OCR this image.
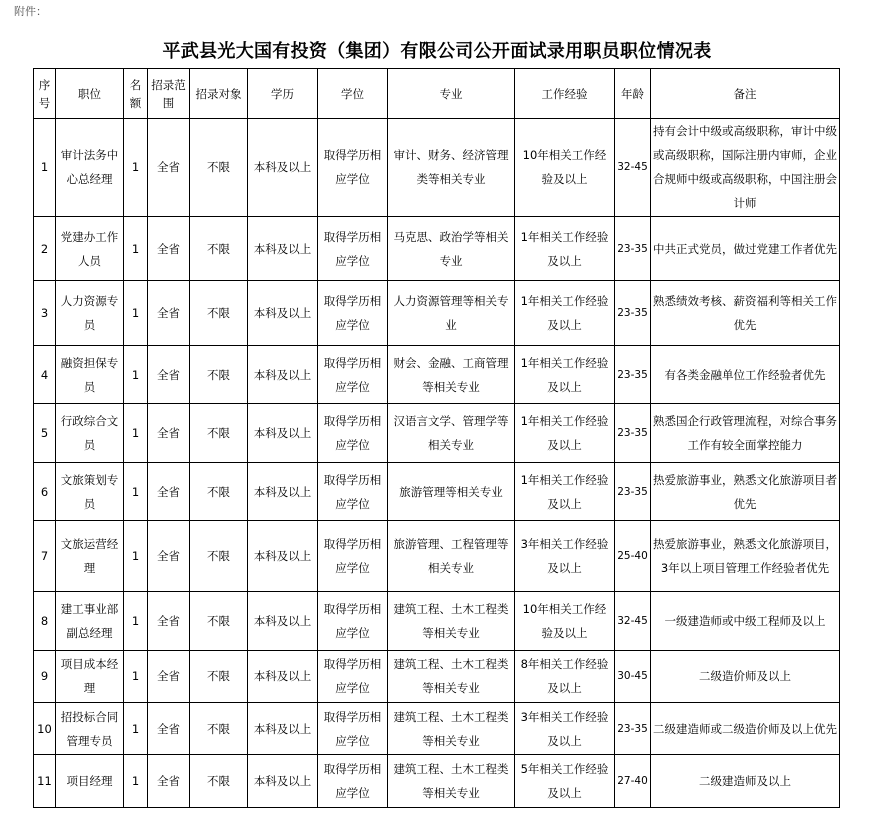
附件：
平武县光大国有投资（集团）有限公司公开面试录用职员职位情况表
序号	职位	名额	招录范围	招录对象	学历	学位	专业	工作经验	年龄	备注
1	审计法务中心总经理	1	全省	不限	本科及以上	取得学历相应学位	审计、财务、经济管理类等相关专业	10年相关工作经验及以上	32-45	持有会计中级或高级职称，审计中级或高级职称，国际注册内审师，企业合规师中级或高级职称，中国注册会计师
2	党建办工作人员	1	全省	不限	本科及以上	取得学历相应学位	马克思、政治学等相关专业	1年相关工作经验及以上	23-35	中共正式党员，做过党建工作者优先
3	人力资源专员	1	全省	不限	本科及以上	取得学历相应学位	人力资源管理等相关专业	1年相关工作经验及以上	23-35	熟悉绩效考核、薪资福利等相关工作优先
4	融资担保专员	1	全省	不限	本科及以上	取得学历相应学位	财会、金融、工商管理等相关专业	1年相关工作经验及以上	23-35	有各类金融单位工作经验者优先
5	行政综合文员	1	全省	不限	本科及以上	取得学历相应学位	汉语言文学、管理学等相关专业	1年相关工作经验及以上	23-35	熟悉国企行政管理流程，对综合事务工作有较全面掌控能力
6	文旅策划专员	1	全省	不限	本科及以上	取得学历相应学位	旅游管理等相关专业	1年相关工作经验及以上	23-35	热爱旅游事业，熟悉文化旅游项目者优先
7	文旅运营经理	1	全省	不限	本科及以上	取得学历相应学位	旅游管理、工程管理等相关专业	3年相关工作经验及以上	25-40	热爱旅游事业，熟悉文化旅游项目，3年以上项目管理工作经验者优先
8	建工事业部副总经理	1	全省	不限	本科及以上	取得学历相应学位	建筑工程、土木工程类等相关专业	10年相关工作经验及以上	32-45	一级建造师或中级工程师及以上
9	项目成本经理	1	全省	不限	本科及以上	取得学历相应学位	建筑工程、土木工程类等相关专业	8年相关工作经验及以上	30-45	二级造价师及以上
10	招投标合同管理专员	1	全省	不限	本科及以上	取得学历相应学位	建筑工程、土木工程类等相关专业	3年相关工作经验及以上	23-35	二级建造师或二级造价师及以上优先
11	项目经理	1	全省	不限	本科及以上	取得学历相应学位	建筑工程、土木工程类等相关专业	5年相关工作经验及以上	27-40	二级建造师及以上
